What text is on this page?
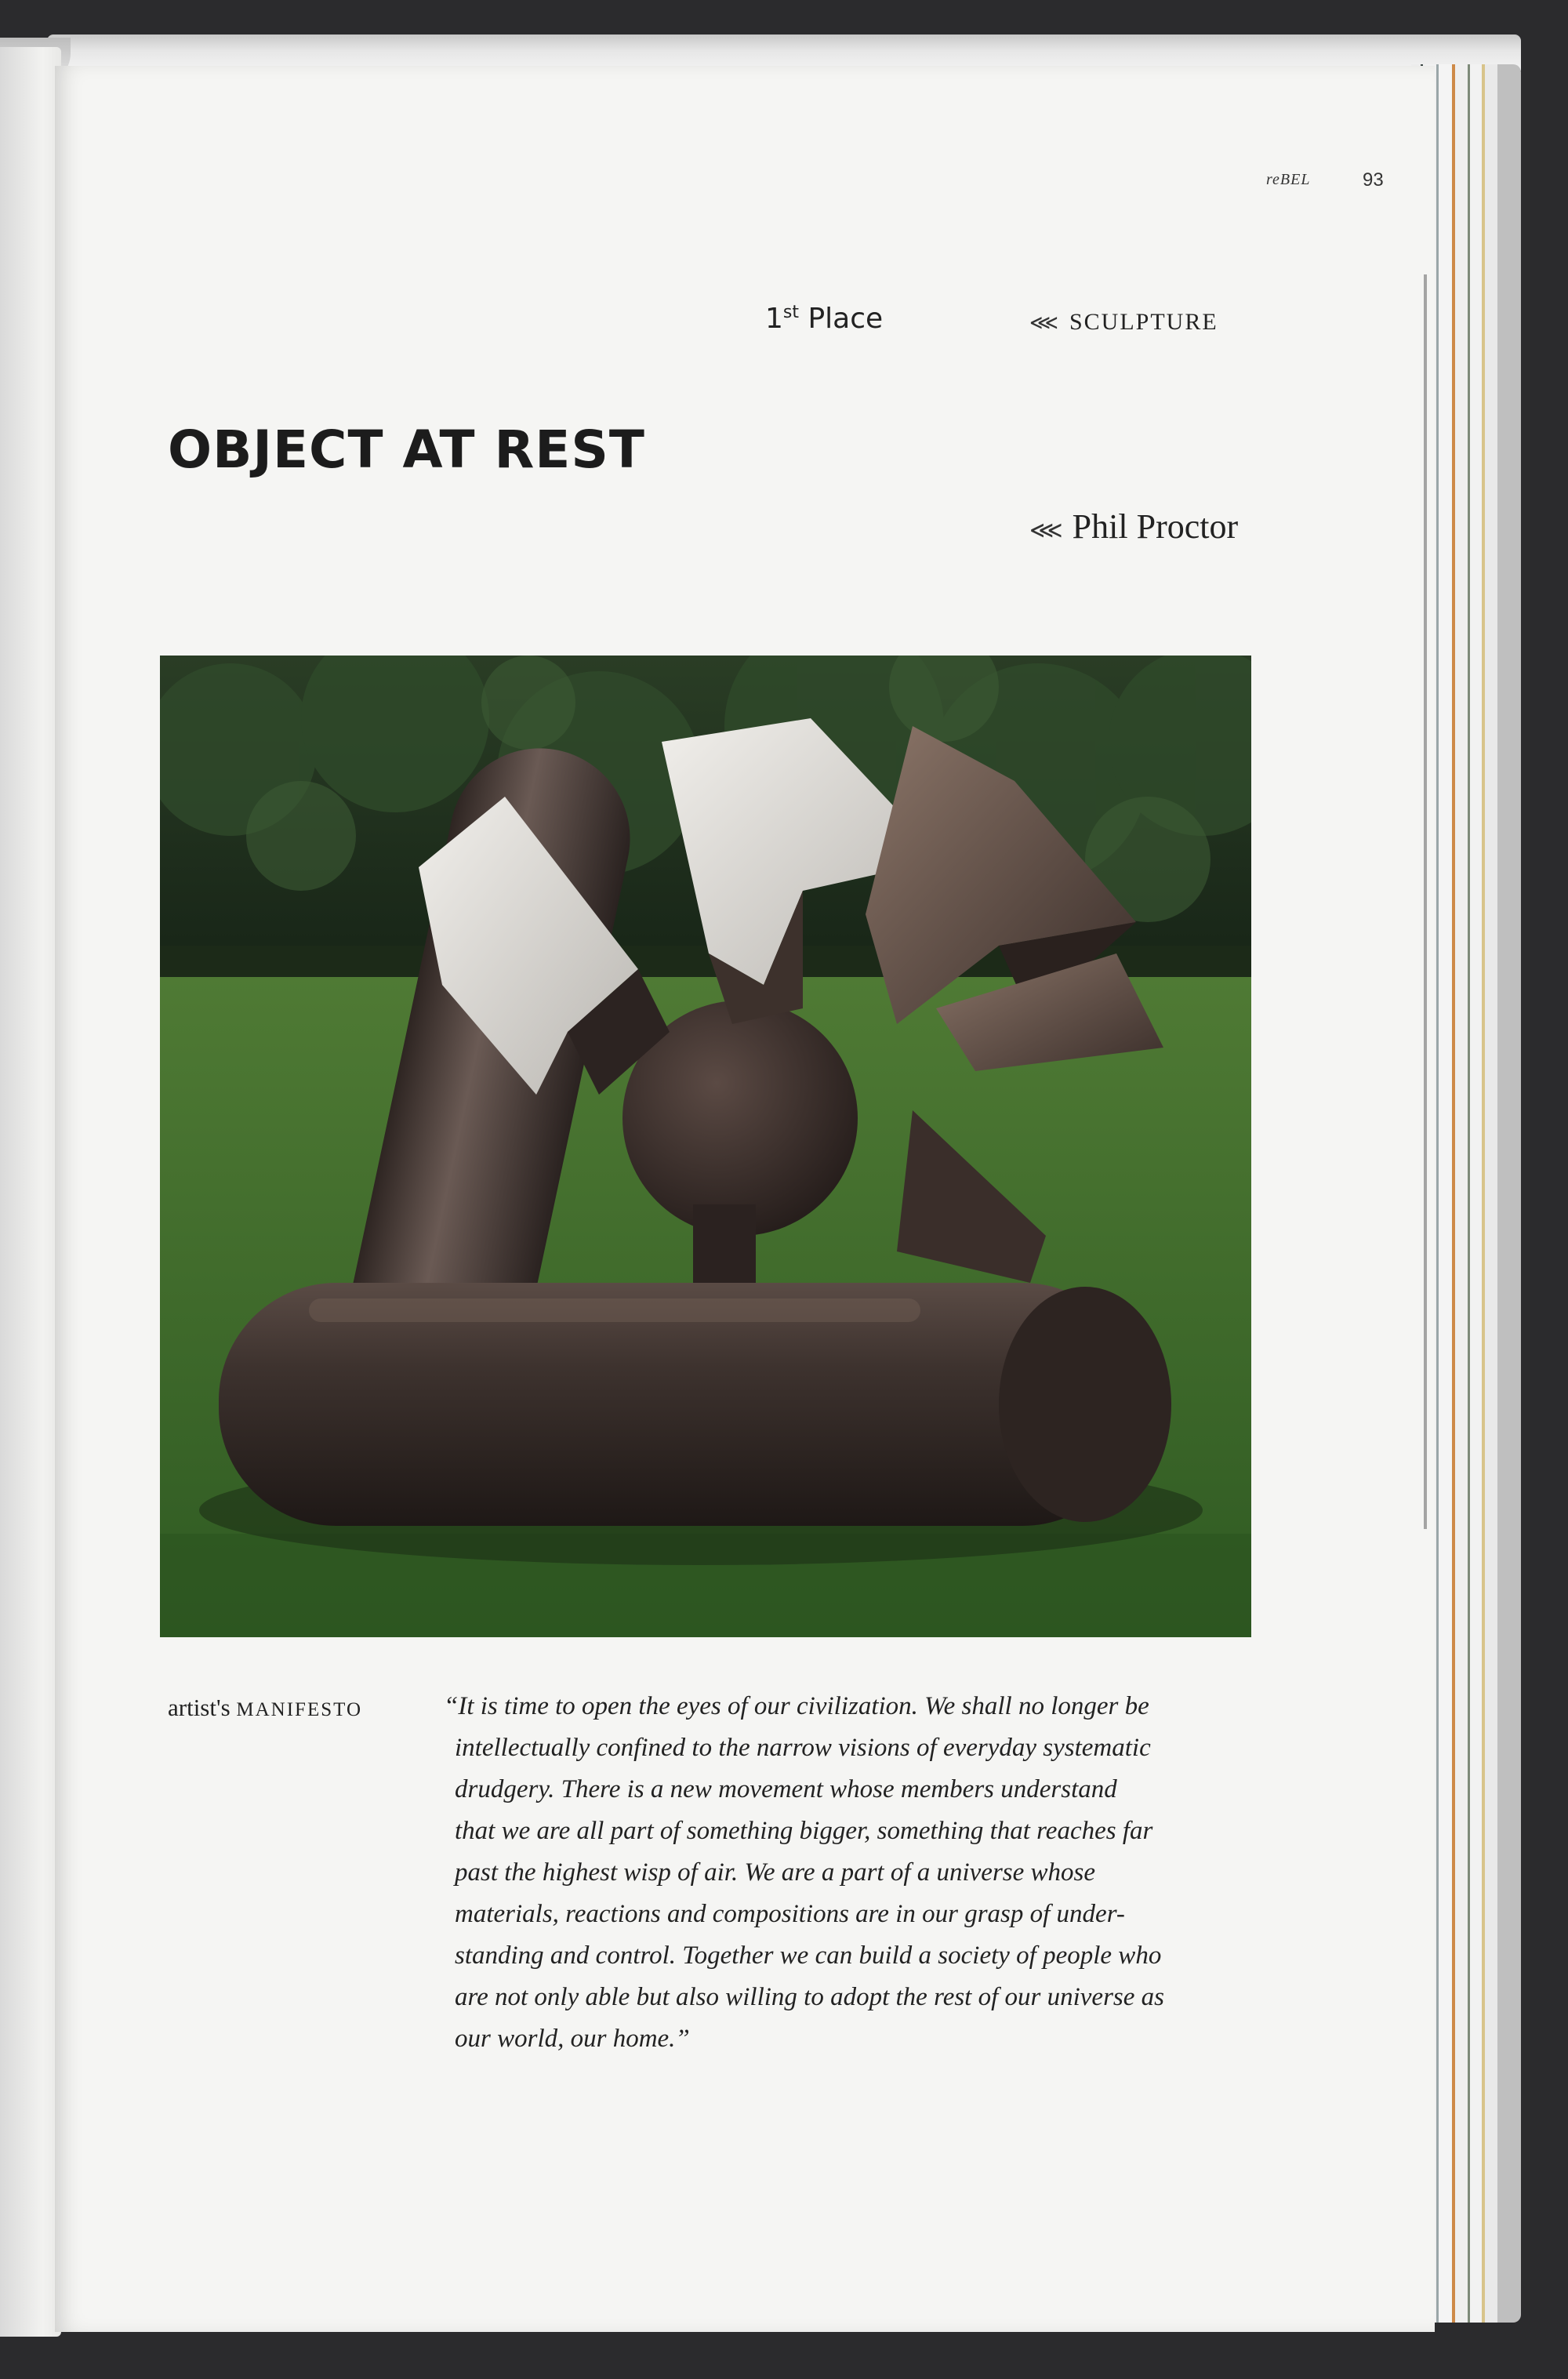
reBEL	93
1st Place	⋘ SCULPTURE
OBJECT AT REST
⋘ Phil Proctor
artist's MANIFESTO	“It is time to open the eyes of our civilization. We shall no longer be
intellectually confined to the narrow visions of everyday systematic
drudgery. There is a new movement whose members understand
that we are all part of something bigger, something that reaches far
past the highest wisp of air. We are a part of a universe whose
materials, reactions and compositions are in our grasp of under-
standing and control. Together we can build a society of people who
are not only able but also willing to adopt the rest of our universe as
our world, our home.”
